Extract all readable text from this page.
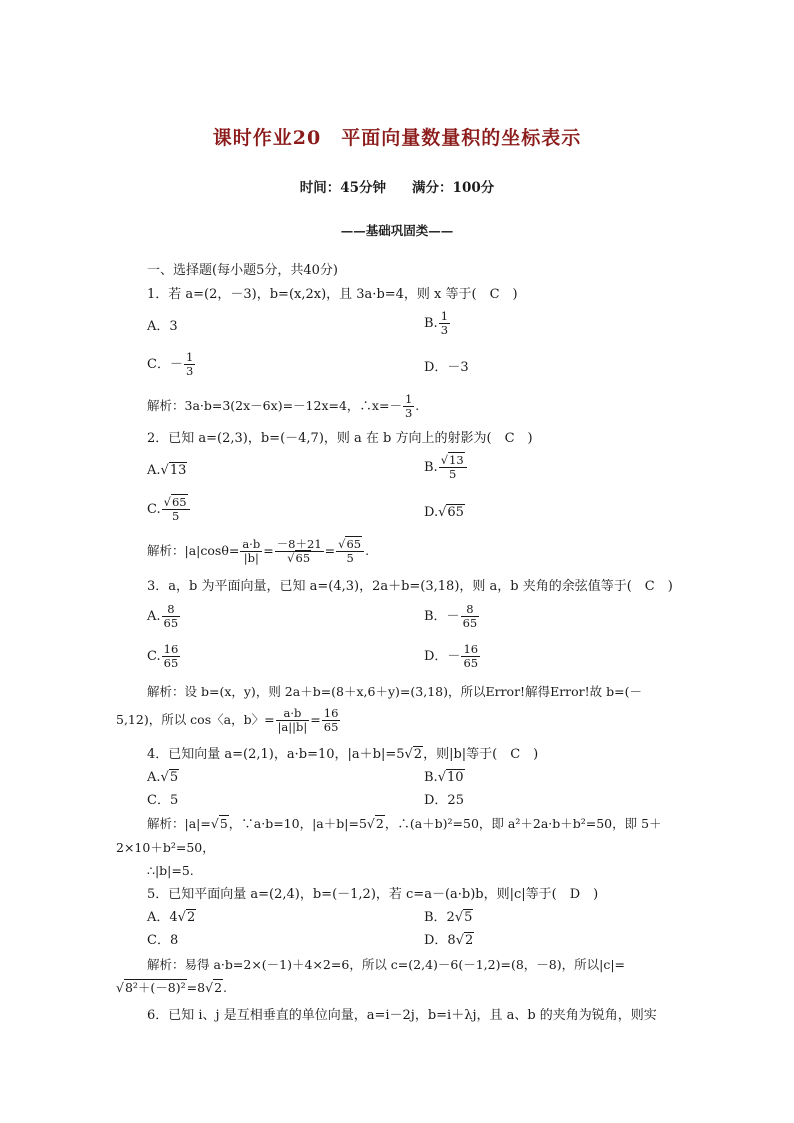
课时作业20　平面向量数量积的坐标表示
时间：45分钟 满分：100分
——基础巩固类——
一、选择题(每小题5分，共40分)
1．若 a=(2，－3)，b=(x,2x)，且 3a·b=4，则 x 等于(　C　)
A．3	B. $\frac{1}{3}$
C．－ $\frac{1}{3}$	D．－3
解析：3a·b=3(2x－6x)=－12x=4，∴x=－ $\frac{1}{3}$ .
2．已知 a=(2,3)，b=(－4,7)，则 a 在 b 方向上的射影为(　C　)
A.√13	B. $\frac{√13}{5}$
C. $\frac{√65}{5}$	D.√65
解析：$|a|\cos\theta= \frac{a\cdot b}{|b|} = \frac{-8+21}{√65} = \frac{√65}{5}$ .
3．a，b 为平面向量，已知 a=(4,3)，2a＋b=(3,18)，则 a，b 夹角的余弦值等于(　C　)
A. $\frac{8}{65}$	B．－ $\frac{8}{65}$
C. $\frac{16}{65}$	D．－ $\frac{16}{65}$
解析：设 b=(x，y)，则 2a＋b=(8＋x,6＋y)=(3,18)，所以Error!解得Error!故 b=(－
5,12)，所以 cos〈a，b〉= $\frac{a\cdot b}{|a||b|} = \frac{16}{65}$
4．已知向量 a=(2,1)，a·b=10，|a＋b|=5√2，则|b|等于(　C　)
A.√5	B.√10
C．5	D．25
解析：|a|=√5，∵a·b=10，|a＋b|=5√2，∴(a＋b)²=50，即 a²＋2a·b＋b²=50，即 5＋
2×10＋b²=50，
∴|b|=5.
5．已知平面向量 a=(2,4)，b=(－1,2)，若 c=a－(a·b)b，则|c|等于(　D　)
A．4√2	B．2√5
C．8	D．8√2
解析：易得 a·b=2×(－1)＋4×2=6，所以 c=(2,4)－6(－1,2)=(8，－8)，所以|c|=
√8²＋(－8)²=8√2.
6．已知 i、j 是互相垂直的单位向量，a=i－2j，b=i＋λj，且 a、b 的夹角为锐角，则实
